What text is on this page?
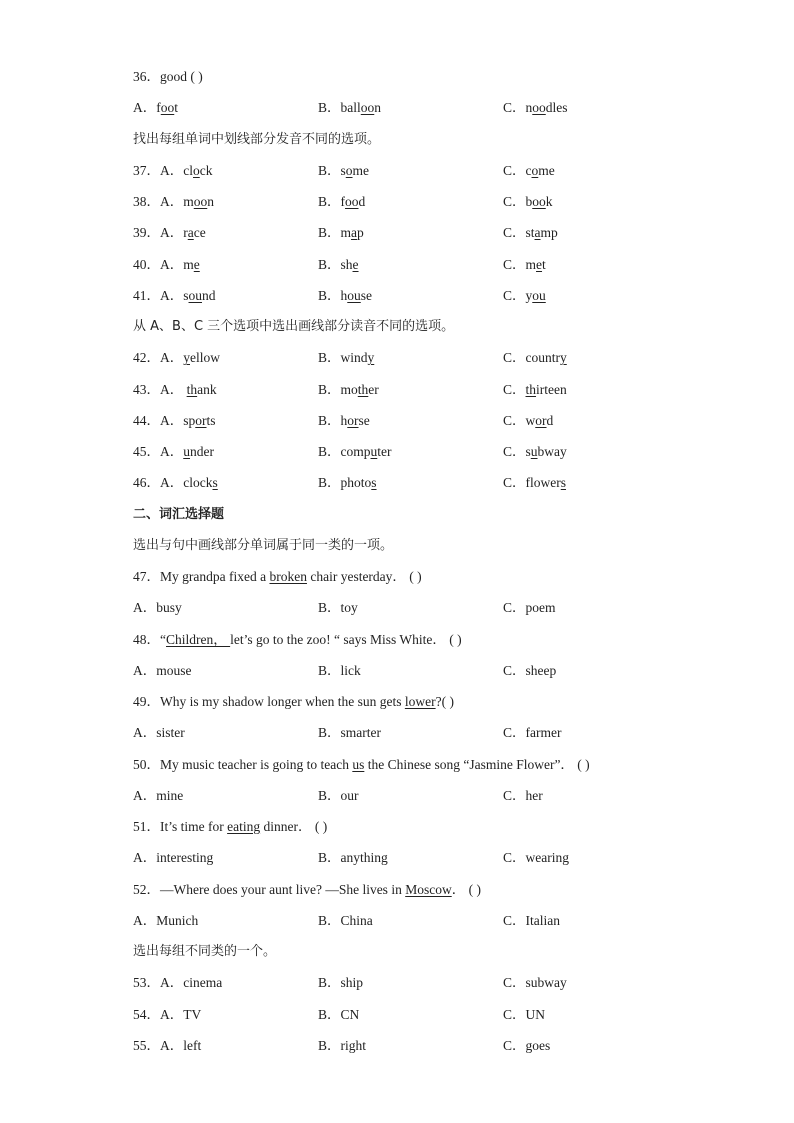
36．good ( )
A．foot	B．balloon	C．noodles
找出每组单词中划线部分发音不同的选项。
37．A．clock	B．some	C．come
38．A．moon	B．food	C．book
39．A．race	B．map	C．stamp
40．A．me	B．she	C．met
41．A．sound	B．house	C．you
从 A、B、C 三个选项中选出画线部分读音不同的选项。
42．A．yellow	B．windy	C．country
43．A． thank	B．mother	C．thirteen
44．A．sports	B．horse	C．word
45．A．under	B．computer	C．subway
46．A．clocks	B．photos	C．flowers
二、词汇选择题
选出与句中画线部分单词属于同一类的一项。
47．My grandpa fixed a broken chair yesterday． ( )
A．busy	B．toy	C．poem
48．“Children， let’s go to the zoo! “ says Miss White． ( )
A．mouse	B．lick	C．sheep
49．Why is my shadow longer when the sun gets lower?( )
A．sister	B．smarter	C．farmer
50．My music teacher is going to teach us the Chinese song “Jasmine Flower”． ( )
A．mine	B．our	C．her
51．It’s time for eating dinner． ( )
A．interesting	B．anything	C．wearing
52．—Where does your aunt live? —She lives in Moscow． ( )
A．Munich	B．China	C．Italian
选出每组不同类的一个。
53．A．cinema	B．ship	C．subway
54．A．TV	B．CN	C．UN
55．A．left	B．right	C．goes
